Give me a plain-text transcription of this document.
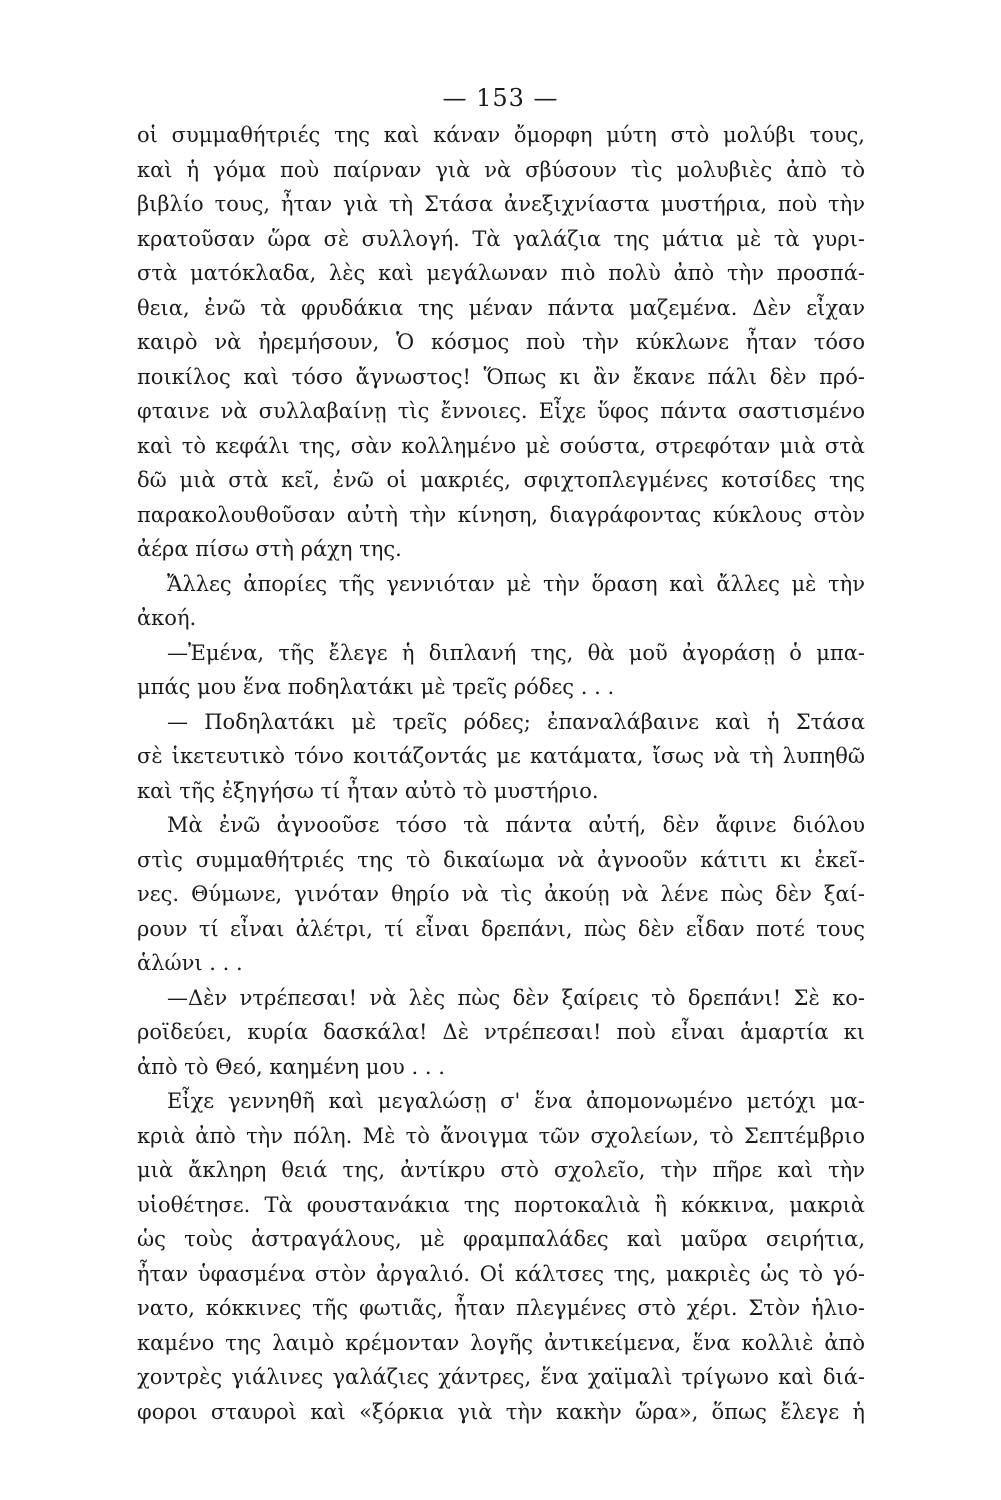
— 153 —
οἱ συμμαθήτριές της καὶ κάναν ὄμορφη μύτη στὸ μολύβι τους,
καὶ ἡ γόμα ποὺ παίρναν γιὰ νὰ σβύσουν τὶς μολυβιὲς ἀπὸ τὸ
βιβλίο τους, ἦταν γιὰ τὴ Στάσα ἀνεξιχνίαστα μυστήρια, ποὺ τὴν
κρατοῦσαν ὥρα σὲ συλλογή. Τὰ γαλάζια της μάτια μὲ τὰ γυρι-
στὰ ματόκλαδα, λὲς καὶ μεγάλωναν πιὸ πολὺ ἀπὸ τὴν προσπά-
θεια, ἐνῶ τὰ φρυδάκια της μέναν πάντα μαζεμένα. Δὲν εἶχαν
καιρὸ νὰ ἠρεμήσουν, Ὁ κόσμος ποὺ τὴν κύκλωνε ἦταν τόσο
ποικίλος καὶ τόσο ἄγνωστος! Ὅπως κι ἂν ἔκανε πάλι δὲν πρό-
φταινε νὰ συλλαβαίνῃ τὶς ἔννοιες. Εἶχε ὕφος πάντα σαστισμένο
καὶ τὸ κεφάλι της, σὰν κολλημένο μὲ σούστα, στρεφόταν μιὰ στὰ
δῶ μιὰ στὰ κεῖ, ἐνῶ οἱ μακριές, σφιχτοπλεγμένες κοτσίδες της
παρακολουθοῦσαν αὐτὴ τὴν κίνηση, διαγράφοντας κύκλους στὸν
ἀέρα πίσω στὴ ράχη της.
Ἄλλες ἀπορίες τῆς γεννιόταν μὲ τὴν ὅραση καὶ ἄλλες μὲ τὴν
ἀκοή.
—Ἐμένα, τῆς ἔλεγε ἡ διπλανή της, θὰ μοῦ ἀγοράσῃ ὁ μπα-
μπάς μου ἕνα ποδηλατάκι μὲ τρεῖς ρόδες . . .
— Ποδηλατάκι μὲ τρεῖς ρόδες; ἐπαναλάβαινε καὶ ἡ Στάσα
σὲ ἱκετευτικὸ τόνο κοιτάζοντάς με κατάματα, ἴσως νὰ τὴ λυπηθῶ
καὶ τῆς ἐξηγήσω τί ἦταν αὐτὸ τὸ μυστήριο.
Μὰ ἐνῶ ἀγνοοῦσε τόσο τὰ πάντα αὐτή, δὲν ἄφινε διόλου
στὶς συμμαθήτριές της τὸ δικαίωμα νὰ ἀγνοοῦν κάτιτι κι ἐκεῖ-
νες. Θύμωνε, γινόταν θηρίο νὰ τὶς ἀκούῃ νὰ λένε πὼς δὲν ξαί-
ρουν τί εἶναι ἀλέτρι, τί εἶναι δρεπάνι, πὼς δὲν εἶδαν ποτέ τους
ἁλώνι . . .
—Δὲν ντρέπεσαι! νὰ λὲς πὼς δὲν ξαίρεις τὸ δρεπάνι! Σὲ κο-
ροϊδεύει, κυρία δασκάλα! Δὲ ντρέπεσαι! ποὺ εἶναι ἁμαρτία κι
ἀπὸ τὸ Θεό, καημένη μου . . .
Εἶχε γεννηθῆ καὶ μεγαλώσῃ σ' ἕνα ἀπομονωμένο μετόχι μα-
κριὰ ἀπὸ τὴν πόλη. Μὲ τὸ ἄνοιγμα τῶν σχολείων, τὸ Σεπτέμβριο
μιὰ ἄκληρη θειά της, ἀντίκρυ στὸ σχολεῖο, τὴν πῆρε καὶ τὴν
υἱοθέτησε. Τὰ φουστανάκια της πορτοκαλιὰ ἢ κόκκινα, μακριὰ
ὡς τοὺς ἀστραγάλους, μὲ φραμπαλάδες καὶ μαῦρα σειρήτια,
ἦταν ὑφασμένα στὸν ἀργαλιό. Οἱ κάλτσες της, μακριὲς ὡς τὸ γό-
νατο, κόκκινες τῆς φωτιᾶς, ἦταν πλεγμένες στὸ χέρι. Στὸν ἡλιο-
καμένο της λαιμὸ κρέμονταν λογῆς ἀντικείμενα, ἕνα κολλιὲ ἀπὸ
χοντρὲς γιάλινες γαλάζιες χάντρες, ἕνα χαϊμαλὶ τρίγωνο καὶ διά-
φοροι σταυροὶ καὶ «ξόρκια γιὰ τὴν κακὴν ὥρα», ὅπως ἔλεγε ἡ
